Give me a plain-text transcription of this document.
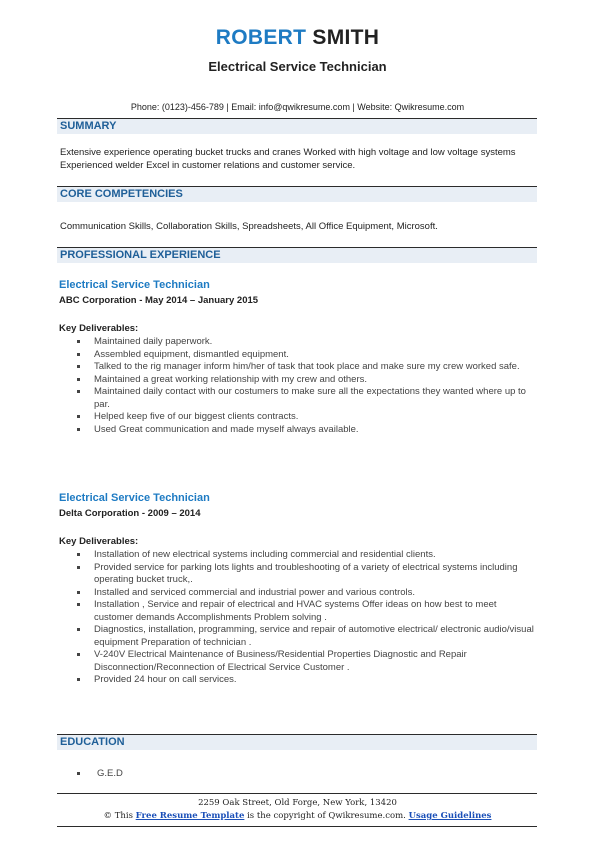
ROBERT SMITH
Electrical Service Technician
Phone: (0123)-456-789 | Email: info@qwikresume.com | Website: Qwikresume.com
SUMMARY
Extensive experience operating bucket trucks and cranes Worked with high voltage and low voltage systems Experienced welder Excel in customer relations and customer service.
CORE COMPETENCIES
Communication Skills, Collaboration Skills, Spreadsheets, All Office Equipment, Microsoft.
PROFESSIONAL EXPERIENCE
Electrical Service Technician
ABC Corporation - May 2014 – January 2015
Key Deliverables:
Maintained daily paperwork.
Assembled equipment, dismantled equipment.
Talked to the rig manager inform him/her of task that took place and make sure my crew worked safe.
Maintained a great working relationship with my crew and others.
Maintained daily contact with our costumers to make sure all the expectations they wanted where up to par.
Helped keep five of our biggest clients contracts.
Used Great communication and made myself always available.
Electrical Service Technician
Delta Corporation - 2009 – 2014
Key Deliverables:
Installation of new electrical systems including commercial and residential clients.
Provided service for parking lots lights and troubleshooting of a variety of electrical systems including operating bucket truck,.
Installed and serviced commercial and industrial power and various controls.
Installation , Service and repair of electrical and HVAC systems Offer ideas on how best to meet customer demands Accomplishments Problem solving .
Diagnostics, installation, programming, service and repair of automotive electrical/ electronic audio/visual equipment Preparation of technician .
V-240V Electrical Maintenance of Business/Residential Properties Diagnostic and Repair Disconnection/Reconnection of Electrical Service Customer .
Provided 24 hour on call services.
EDUCATION
G.E.D
2259 Oak Street, Old Forge, New York, 13420
© This Free Resume Template is the copyright of Qwikresume.com. Usage Guidelines
